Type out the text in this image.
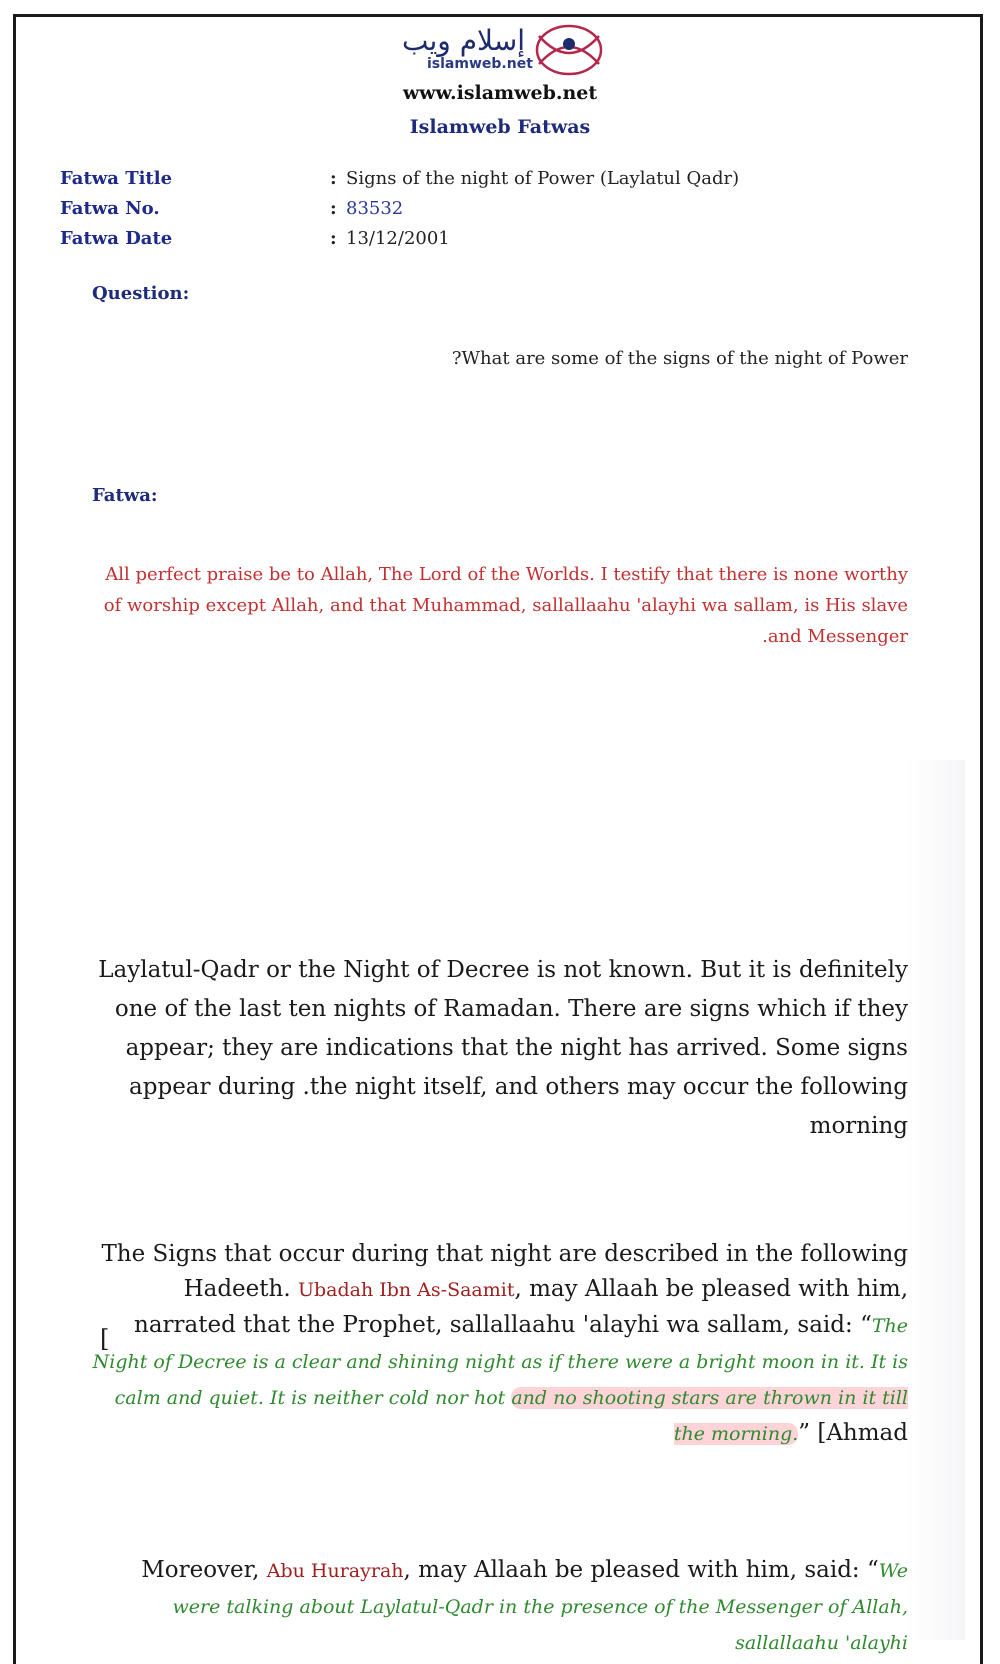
إسلام ويب
islamweb.net
www.islamweb.net
Islamweb Fatwas
Fatwa Title	: Signs of the night of Power (Laylatul Qadr)
Fatwa No.	: 83532
Fatwa Date	: 13/12/2001
Question:
?What are some of the signs of the night of Power
Fatwa:
All perfect praise be to Allah, The Lord of the Worlds. I testify that there is none worthy of worship except Allah, and that Muhammad, sallallaahu 'alayhi wa sallam, is His slave .and Messenger
Laylatul-Qadr or the Night of Decree is not known. But it is definitely one of the last ten nights of Ramadan. There are signs which if they appear; they are indications that the night has arrived. Some signs appear during .the night itself, and others may occur the following morning
The Signs that occur during that night are described in the following Hadeeth. Ubadah Ibn As-Saamit, may Allaah be pleased with him, narrated that the Prophet, sallallaahu 'alayhi wa sallam, said: “The Night of Decree is a clear and shining night as if there were a bright moon in it. It is calm and quiet. It is neither cold nor hot and no shooting stars are thrown in it till the morning.” [Ahmad
[
Moreover, Abu Hurayrah, may Allaah be pleased with him, said: “We were talking about Laylatul-Qadr in the presence of the Messenger of Allah, sallallaahu 'alayhi
